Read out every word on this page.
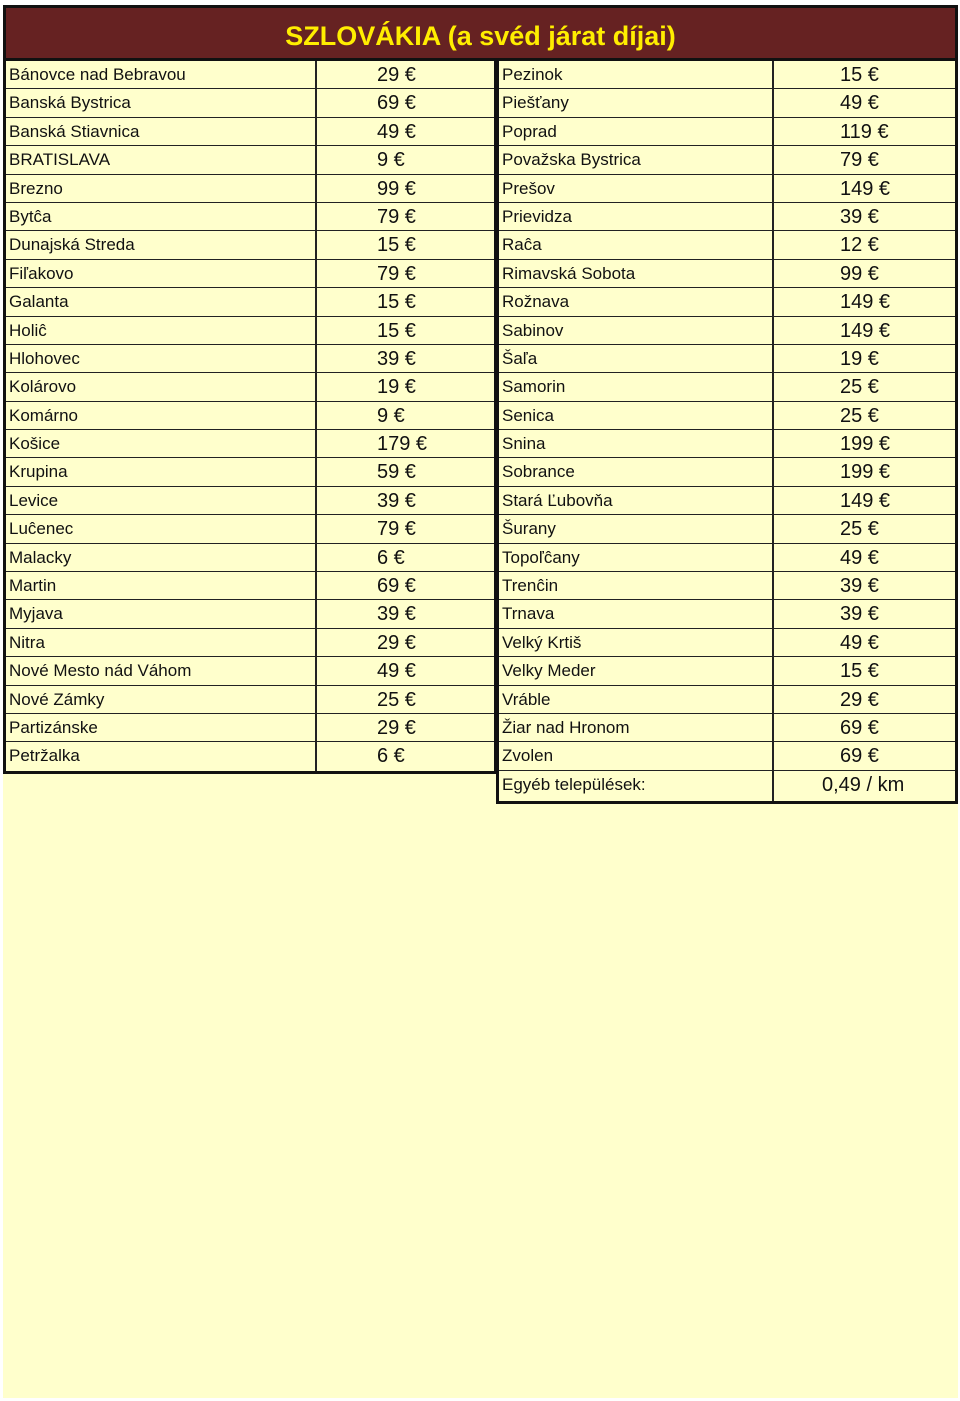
SZLOVÁKIA (a svéd járat díjai)
Bánovce nad Bebravou	29 €
Banská Bystrica	69 €
Banská Stiavnica	49 €
BRATISLAVA	9 €
Brezno	99 €
Bytĉa	79 €
Dunajská Streda	15 €
Fiľakovo	79 €
Galanta	15 €
Holiĉ	15 €
Hlohovec	39 €
Kolárovo	19 €
Komárno	9 €
Košice	179 €
Krupina	59 €
Levice	39 €
Luĉenec	79 €
Malacky	6 €
Martin	69 €
Myjava	39 €
Nitra	29 €
Nové Mesto nád Váhom	49 €
Nové Zámky	25 €
Partizánske	29 €
Petržalka	6 €
Pezinok	15 €
Piešťany	49 €
Poprad	119 €
Považska Bystrica	79 €
Prešov	149 €
Prievidza	39 €
Raĉa	12 €
Rimavská Sobota	99 €
Rožnava	149 €
Sabinov	149 €
Šaľa	19 €
Samorin	25 €
Senica	25 €
Snina	199 €
Sobrance	199 €
Stará Ľubovňa	149 €
Šurany	25 €
Topoľĉany	49 €
Trenĉin	39 €
Trnava	39 €
Velký Krtiš	49 €
Velky Meder	15 €
Vráble	29 €
Žiar nad Hronom	69 €
Zvolen	69 €
Egyéb települések:	0,49 / km
